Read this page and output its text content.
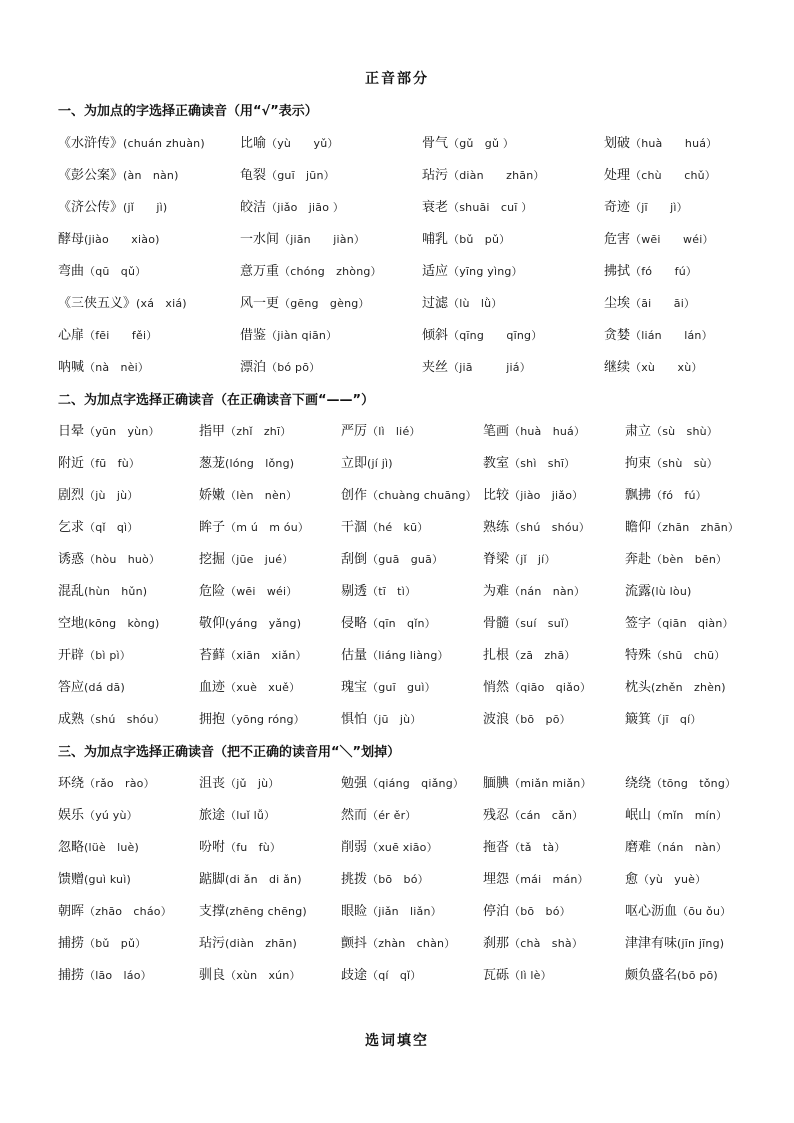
正音部分
一、为加点的字选择正确读音（用“√”表示）
《水浒传》(chuán zhuàn)	比喻（yù　　yǔ）	骨气（gǔ　gǔ ）	划破（huà　　huá）
《彭公案》(àn　nàn)	龟裂（guī　jūn）	玷污（diàn　　zhān）	处理（chù　　chǔ）
《济公传》(jǐ　　jì)	皎洁（jiǎo　jiāo ）	衰老（shuāi　cuī ）	奇迹（jī　　jì）
酵母(jiào　　xiào)	一水间（jiān　　jiàn）	哺乳（bǔ　pǔ）	危害（wēi　　wéi）
弯曲（qū　qǔ）	意万重（chóng　zhòng）	适应（yīng yìng）	拂拭（fó　　fú）
《三侠五义》(xá　xiá)	风一更（gēng　gèng）	过滤（lù　lǜ）	尘埃（āi　　āi）
心扉（fēi　　fěi）	借鉴（jiàn qiān）	倾斜（qīng　　qīng）	贪婪（lián　　lán）
呐喊（nà　nèi）	漂泊（bó pō）	夹丝（jiā　　　jiá）	继续（xù　　xù）
二、为加点字选择正确读音（在正确读音下画“——”）
日晕（yūn　yùn）	指甲（zhǐ　zhī）	严厉（lì　lié）	笔画（huà　huá）	肃立（sù　shù）
附近（fū　fù）	葱茏(lóng　lǒng)	立即(jí jì)	教室（shì　shī）	拘束（shù　sù）
剧烈（jù　jù）	娇嫩（lèn　nèn）	创作（chuàng chuāng） 比较（jiào　jiǎo）	飘拂（fó　fú）
乞求（qǐ　qì）	眸子（m ú　m óu）	干涸（hé　kū）	熟练（shú　shóu）	瞻仰（zhān　zhān）
诱惑（hòu　huò）	挖掘（jūe　jué）	刮倒（guā　guā）	脊梁（jǐ　jí）	奔赴（bèn　bēn）
混乱(hùn　hǔn)	危险（wēi　wéi）	剔透（tī　tì）	为难（nán　nàn）	流露(lù lòu)
空地(kōng　kòng)	敬仰(yáng　yǎng)	侵略（qīn　qǐn）	骨髓（suí　suǐ）	签字（qiān　qiàn）
开辟（bì pì）	苔藓（xiān　xiǎn）	估量（liáng liàng）	扎根（zā　zhā）	特殊（shū　chū）
答应(dá dā)	血迹（xuè　xuě）	瑰宝（guī　guì）	悄然（qiāo　qiǎo）	枕头(zhěn　zhèn)
成熟（shú　shóu）	拥抱（yōng róng）	惧怕（jū　jù）	波浪（bō　pō）	簸箕（jī　qí）
三、为加点字选择正确读音（把不正确的读音用“＼”划掉）
环绕（rǎo　rào）	沮丧（jǔ　jù）	勉强（qiáng　qiǎng）	腼腆（miǎn miǎn）	绕绕（tōng　tǒng）
娱乐（yú yù）	旅途（luǐ lǚ）	然而（ér ěr）	残忍（cán　cǎn）	岷山（mǐn　mín）
忽略(lüè　luè)	吩咐（fu　fù）	削弱（xuē xiāo）	拖沓（tǎ　tà）	磨难（nán　nàn）
馈赠(guì kuì)	踮脚(di ǎn　di ǎn)	挑拨（bō　bó）	埋怨（mái　mán）	愈（yù　yuè）
朝晖（zhāo　cháo）	支撑(zhēng chēng)	眼睑（jiǎn　liǎn）	停泊（bō　bó）	呕心沥血（ōu ǒu）
捕捞（bǔ　pǔ）	玷污(diàn　zhān)	颤抖（zhàn　chàn）	刹那（chà　shà）	津津有味(jīn jīng)
捕捞（lāo　láo）	驯良（xùn　xún）	歧途（qí　qǐ）	瓦砾（lì lè）	颇负盛名(bō pō)
选词填空
